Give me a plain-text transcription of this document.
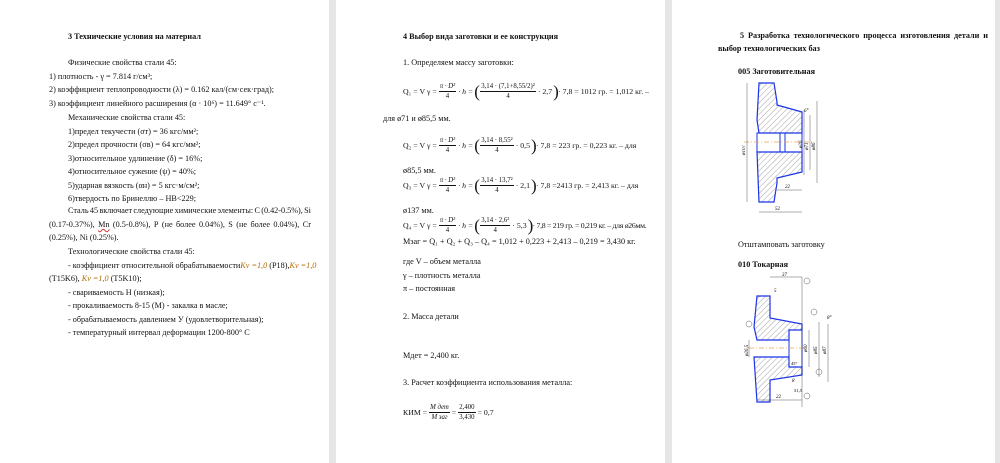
3 Технические условия на материал
Физические свойства стали 45:
1) плотность - γ = 7.814 г/см³;
2) коэффициент теплопроводности (λ) = 0.162 кал/(см·сек·град);
3) коэффициент линейного расширения (α · 10⁶) = 11.649° с⁻¹.
Механические свойства стали 45:
1)предел текучести (σт) = 36 кгс/мм²;
2)предел прочности (σв) = 64 кгс/мм²;
3)относительное удлинение (δ) = 16%;
4)относительное сужение (ψ) = 40%;
5)ударная вязкость (αн) = 5 кгс·м/см²;
6)твердость по Бринеллю – HB<229;
Сталь 45 включает следующие химические элементы: C (0.42-0.5%), Si
(0.17-0.37%), Mn (0.5-0.8%), P (не более 0.04%), S (не более 0.04%), Cr
(0.25%), Ni (0.25%).
Технологические свойства стали 45:
- коэффициент относительной обрабатываемости Kv =1,0 (P18), Kv =1,0
(T15K6), Kv =1,0 (T5K10);
- свариваемость Н (низкая);
- прокаливаемость 8-15 (М) - закалка в масле;
- обрабатываемость давлением У (удовлетворительная);
- температурный интервал деформации 1200-800° С
4 Выбор вида заготовки и ее конструкция
1. Определяем массу заготовки:
Q₁ = V $\gamma = \frac{\text{π · D²}}{4} \cdot h$ = ( $\frac{\text{3,14 · (7,1+8,55/2)²}}{4} \cdot 2,7$ ) · 7,8 = 1012 гр. = 1,012 кг. –
для ø71 и ø85,5 мм.
Q₂ = V $\gamma = \frac{\text{π · D²}}{4} \cdot h$ = ( $\frac{\text{3,14 · 8,55²}}{4} \cdot 0,5$ ) · 7,8 = 223 гр. = 0,223 кг. – для
ø85,5 мм.
Q₃ = V $\gamma = \frac{\text{π · D²}}{4} \cdot h$ = ( $\frac{\text{3,14 · 13,7²}}{4} \cdot 2,1$ ) · 7,8 =2413 гр. = 2,413 кг. – для
ø137 мм.
Q₄ = V $\gamma = \frac{\text{π · D²}}{4} \cdot h$ = ( $\frac{\text{3,14 · 2,6²}}{4} \cdot 5,3$ ) · 7,8 = 219 гр. = 0,219 кг. – для ø26мм.
Mзаг = Q₁ + Q₂ + Q₃ – Q₄ = 1,012 + 0,223 + 2,413 – 0,219 = 3,430 кг.
где V – объем металла
γ – плотность металла
π – постоянная
2. Масса детали
Mдет = 2,400 кг.
3. Расчет коэффициента использования металла:
КИМ = $\frac{\text{M дет}}{\text{M заг}} = \frac{2,400}{3,430} = 0,7$
5 Разработка технологического процесса изготовления детали и
выбор технологических баз
005 Заготовительная
ø107
ø26 ø71 ø86
22
52
6°
Отштамповать заготовку
010 Токарная
37
5
ø26,5	ø60 ø85 ø87
8°
45°
8
22
51,5
